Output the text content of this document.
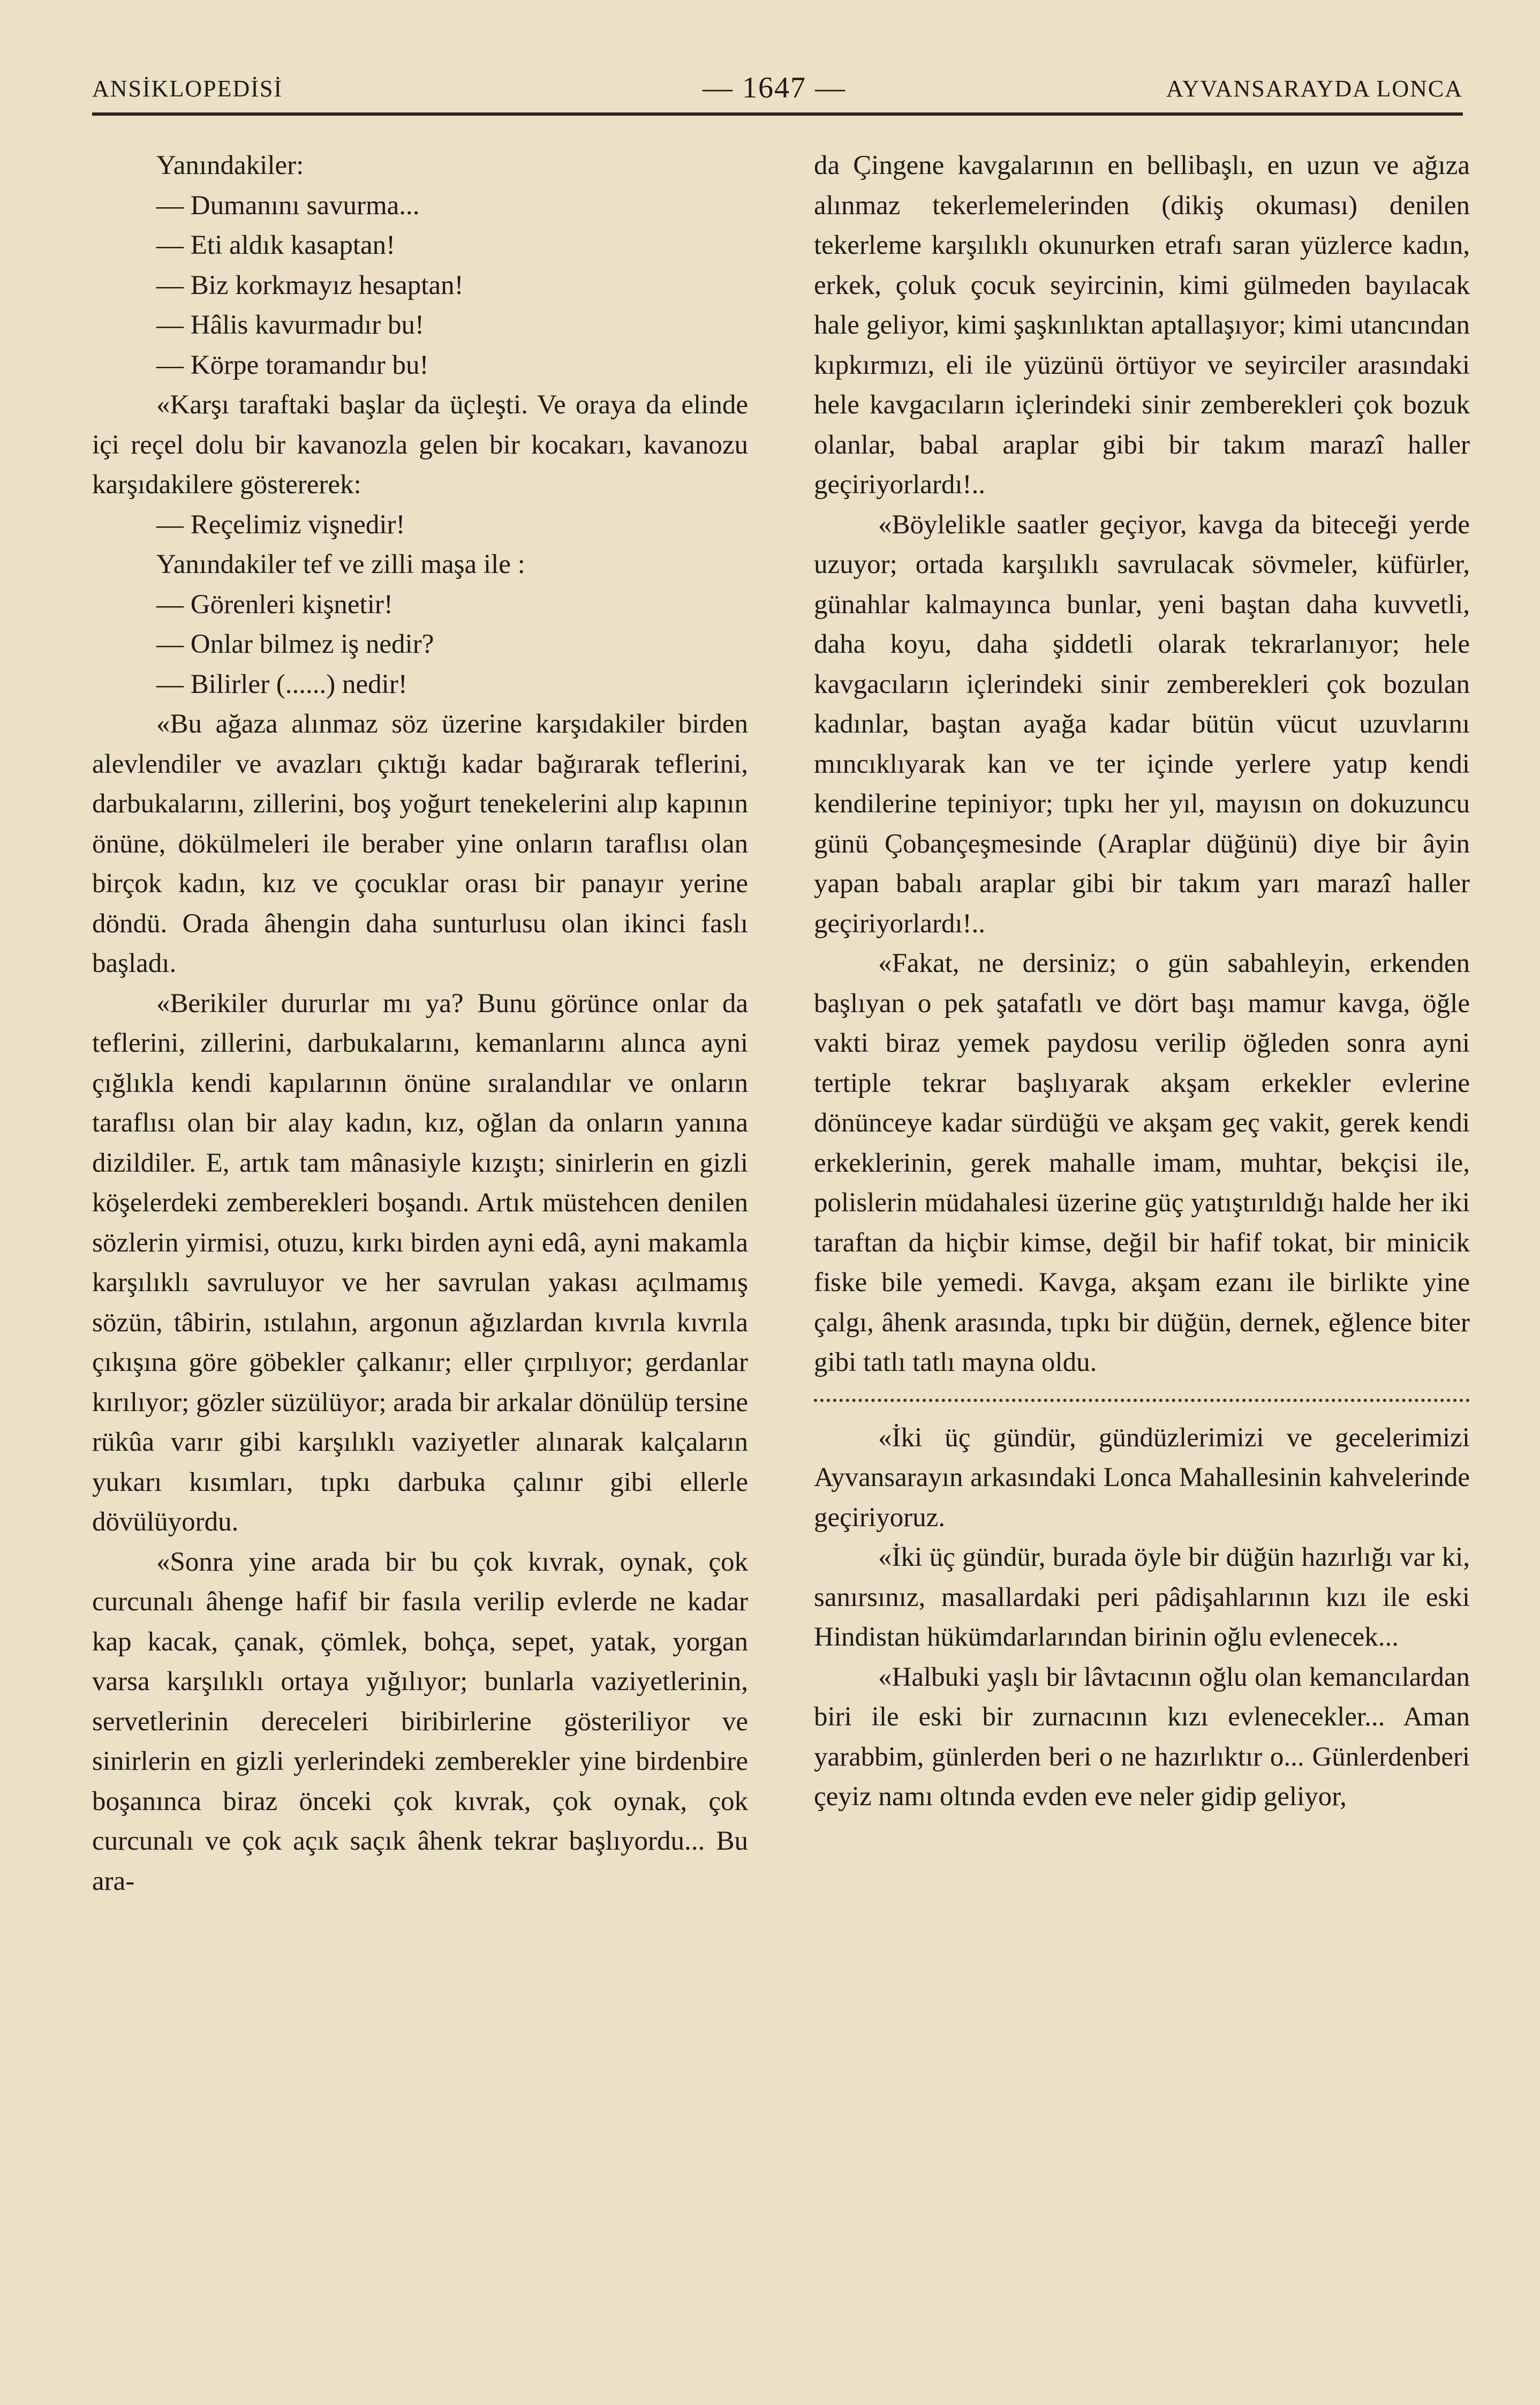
ANSİKLOPEDİSİ	— 1647 —	AYVANSARAYDA LONCA

Yanındakiler:

— Dumanını savurma...

— Eti aldık kasaptan!

— Biz korkmayız hesaptan!

— Hâlis kavurmadır bu!

— Körpe toramandır bu!

«Karşı taraftaki başlar da üçleşti. Ve oraya da elinde içi reçel dolu bir kavanozla gelen bir kocakarı, kavanozu karşıdakilere göstererek:

— Reçelimiz vişnedir!

Yanındakiler tef ve zilli maşa ile :

— Görenleri kişnetir!

— Onlar bilmez iş nedir?

— Bilirler (......) nedir!

«Bu ağaza alınmaz söz üzerine karşıdakiler birden alevlendiler ve avazları çıktığı kadar bağırarak teflerini, darbukalarını, zillerini, boş yoğurt tenekelerini alıp kapının önüne, dökülmeleri ile beraber yine onların taraflısı olan birçok kadın, kız ve çocuklar orası bir panayır yerine döndü. Orada âhengin daha sunturlusu olan ikinci faslı başladı.

«Berikiler dururlar mı ya? Bunu görünce onlar da teflerini, zillerini, darbukalarını, kemanlarını alınca ayni çığlıkla kendi kapılarının önüne sıralandılar ve onların taraflısı olan bir alay kadın, kız, oğlan da onların yanına dizildiler. E, artık tam mânasiyle kızıştı; sinirlerin en gizli köşelerdeki zemberekleri boşandı. Artık müstehcen denilen sözlerin yirmisi, otuzu, kırkı birden ayni edâ, ayni makamla karşılıklı savruluyor ve her savrulan yakası açılmamış sözün, tâbirin, ıstılahın, argonun ağızlardan kıvrıla kıvrıla çıkışına göre göbekler çalkanır; eller çırpılıyor; gerdanlar kırılıyor; gözler süzülüyor; arada bir arkalar dönülüp tersine rükûa varır gibi karşılıklı vaziyetler alınarak kalçaların yukarı kısımları, tıpkı darbuka çalınır gibi ellerle dövülüyordu.

«Sonra yine arada bir bu çok kıvrak, oynak, çok curcunalı âhenge hafif bir fasıla verilip evlerde ne kadar kap kacak, çanak, çömlek, bohça, sepet, yatak, yorgan varsa karşılıklı ortaya yığılıyor; bunlarla vaziyetlerinin, servetlerinin dereceleri biribirlerine gösteriliyor ve sinirlerin en gizli yerlerindeki zemberekler yine birdenbire boşanınca biraz önceki çok kıvrak, çok oynak, çok curcunalı ve çok açık saçık âhenk tekrar başlıyordu... Bu ara-

da Çingene kavgalarının en bellibaşlı, en uzun ve ağıza alınmaz tekerlemelerinden (dikiş okuması) denilen tekerleme karşılıklı okunurken etrafı saran yüzlerce kadın, erkek, çoluk çocuk seyircinin, kimi gülmeden bayılacak hale geliyor, kimi şaşkınlıktan aptallaşıyor; kimi utancından kıpkırmızı, eli ile yüzünü örtüyor ve seyirciler arasındaki hele kavgacıların içlerindeki sinir zemberekleri çok bozuk olanlar, babal araplar gibi bir takım marazî haller geçiriyorlardı!..

«Böylelikle saatler geçiyor, kavga da biteceği yerde uzuyor; ortada karşılıklı savrulacak sövmeler, küfürler, günahlar kalmayınca bunlar, yeni baştan daha kuvvetli, daha koyu, daha şiddetli olarak tekrarlanıyor; hele kavgacıların içlerindeki sinir zemberekleri çok bozulan kadınlar, baştan ayağa kadar bütün vücut uzuvlarını mıncıklıyarak kan ve ter içinde yerlere yatıp kendi kendilerine tepiniyor; tıpkı her yıl, mayısın on dokuzuncu günü Çobançeşmesinde (Araplar düğünü) diye bir âyin yapan babalı araplar gibi bir takım yarı marazî haller geçiriyorlardı!..

«Fakat, ne dersiniz; o gün sabahleyin, erkenden başlıyan o pek şatafatlı ve dört başı mamur kavga, öğle vakti biraz yemek paydosu verilip öğleden sonra ayni tertiple tekrar başlıyarak akşam erkekler evlerine dönünceye kadar sürdüğü ve akşam geç vakit, gerek kendi erkeklerinin, gerek mahalle imam, muhtar, bekçisi ile, polislerin müdahalesi üzerine güç yatıştırıldığı halde her iki taraftan da hiçbir kimse, değil bir hafif tokat, bir minicik fiske bile yemedi. Kavga, akşam ezanı ile birlikte yine çalgı, âhenk arasında, tıpkı bir düğün, dernek, eğlence biter gibi tatlı tatlı mayna oldu.

«İki üç gündür, gündüzlerimizi ve gecelerimizi Ayvansarayın arkasındaki Lonca Mahallesinin kahvelerinde geçiriyoruz.

«İki üç gündür, burada öyle bir düğün hazırlığı var ki, sanırsınız, masallardaki peri pâdişahlarının kızı ile eski Hindistan hükümdarlarından birinin oğlu evlenecek...

«Halbuki yaşlı bir lâvtacının oğlu olan kemancılardan biri ile eski bir zurnacının kızı evlenecekler... Aman yarabbim, günlerden beri o ne hazırlıktır o... Günlerdenberi çeyiz namı oltında evden eve neler gidip geliyor,
